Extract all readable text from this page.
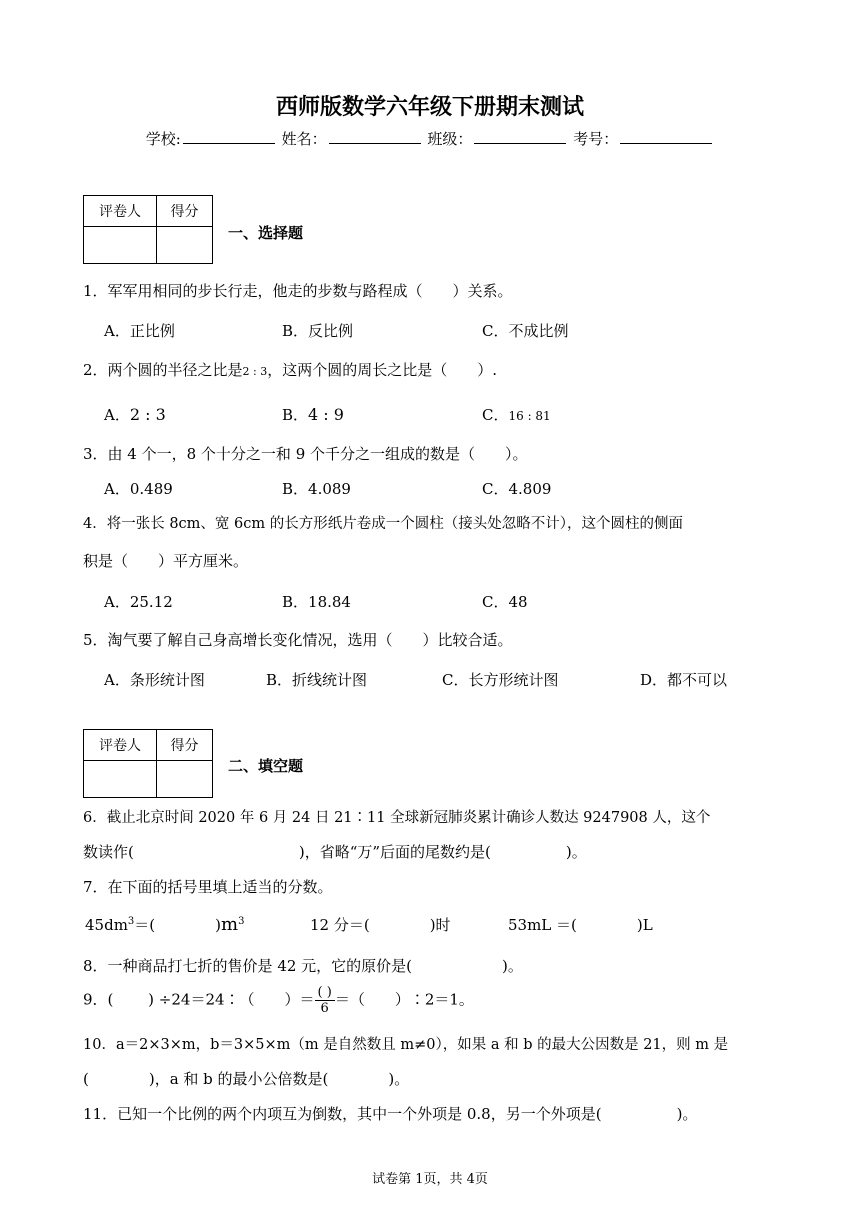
西师版数学六年级下册期末测试
学校:	姓名：	班级：	考号：
评卷人	得分

一、选择题
1．军军用相同的步长行走，他走的步数与路程成（　　）关系。
A．正比例	B．反比例	C．不成比例
2．两个圆的半径之比是2 : 3，这两个圆的周长之比是（　　）.
A．2 : 3	B．4 : 9	C．16 : 81
3．由 4 个一，8 个十分之一和 9 个千分之一组成的数是（　　）。
A．0.489	B．4.089	C．4.809
4．将一张长 8cm、宽 6cm 的长方形纸片卷成一个圆柱（接头处忽略不计），这个圆柱的侧面
积是（　　）平方厘米。
A．25.12	B．18.84	C．48
5．淘气要了解自己身高增长变化情况，选用（　　）比较合适。
A．条形统计图	B．折线统计图	C．长方形统计图	D．都不可以
评卷人	得分

二、填空题
6．截止北京时间 2020 年 6 月 24 日 21∶11 全球新冠肺炎累计确诊人数达 9247908 人，这个
数读作(　　　　　　　　　　　)，省略“万”后面的尾数约是(　　　　　)。
7．在下面的括号里填上适当的分数。
$45dm^3=$(　　　　)$m^3$	12 分＝(　　　　)时	53mL ＝(　　　　)L
8．一种商品打七折的售价是 42 元，它的原价是(　　　　　　)。
9．(　　 ) ÷24＝24∶（　　）＝ $\frac{( )}{6}$ ＝（　　）∶2＝1。
10．a＝2×3×m，b＝3×5×m（m 是自然数且 m≠0），如果 a 和 b 的最大公因数是 21，则 m 是
(　　　　)，a 和 b 的最小公倍数是(　　　　)。
11．已知一个比例的两个内项互为倒数，其中一个外项是 0.8，另一个外项是(　　　　　)。
试卷第 1页，共 4页
